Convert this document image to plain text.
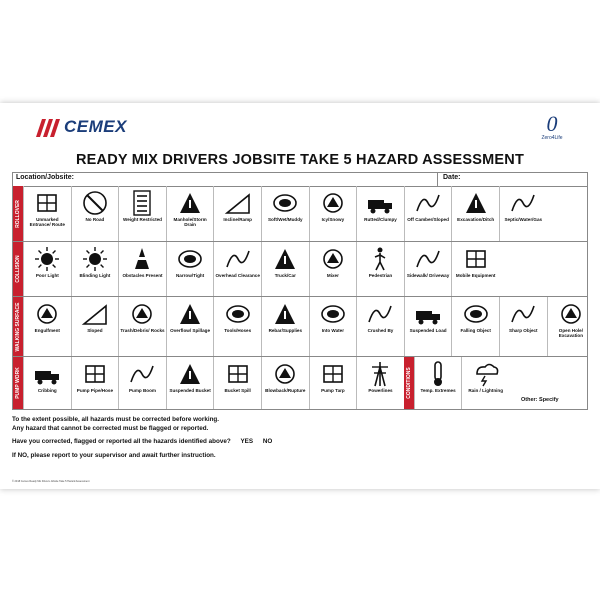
CEMEX	0
Zero4Life
READY MIX DRIVERS JOBSITE TAKE 5 HAZARD ASSESSMENT
Location/Jobsite:	Date:
ROLLOVER	Unmarked Entrance/ Route
No Road	Weight Restricted	Manhole/Storm Drain
Incline/Ramp	Soft/Wet/Muddy	Icy/Snowy	Rutted/Clumpy	Off Camber/Sloped	Excavation/Ditch	Septic/Water/Gas
COLLISION	Poor Light	Blinding Light	Obstacles Present	Narrow/Tight	Overhead Clearance	Truck/Car	Mixer	Pedestrian	Sidewalk/ Driveway	Mobile Equipment
WALKING SURFACE	Engulfment	Sloped	Trash/Debris/ Rocks	Overflow/ Spillage	Tools/Hoses	Rebar/Supplies	Into Water	Crushed By	Suspended Load	Falling Object	Sharp Object	Open Hole/ Excavation
PUMP WORK	Cribbing	Pump Pipe/Hose	Pump Boom	Suspended Bucket	Bucket Spill	Blowback/Rupture	Pump Tarp	Powerlines	CONDITIONS	Temp. Extremes	Rain / Lightning
Other: Specify

To the extent possible, all hazards must be corrected before working.

Any hazard that cannot be corrected must be flagged or reported.

Have you corrected, flagged or reported all the hazards identified above? YES NO

If NO, please report to your supervisor and await further instruction.

© 2018 Cemex Ready Mix Drivers Jobsite Take 5 Hazard Assessment
